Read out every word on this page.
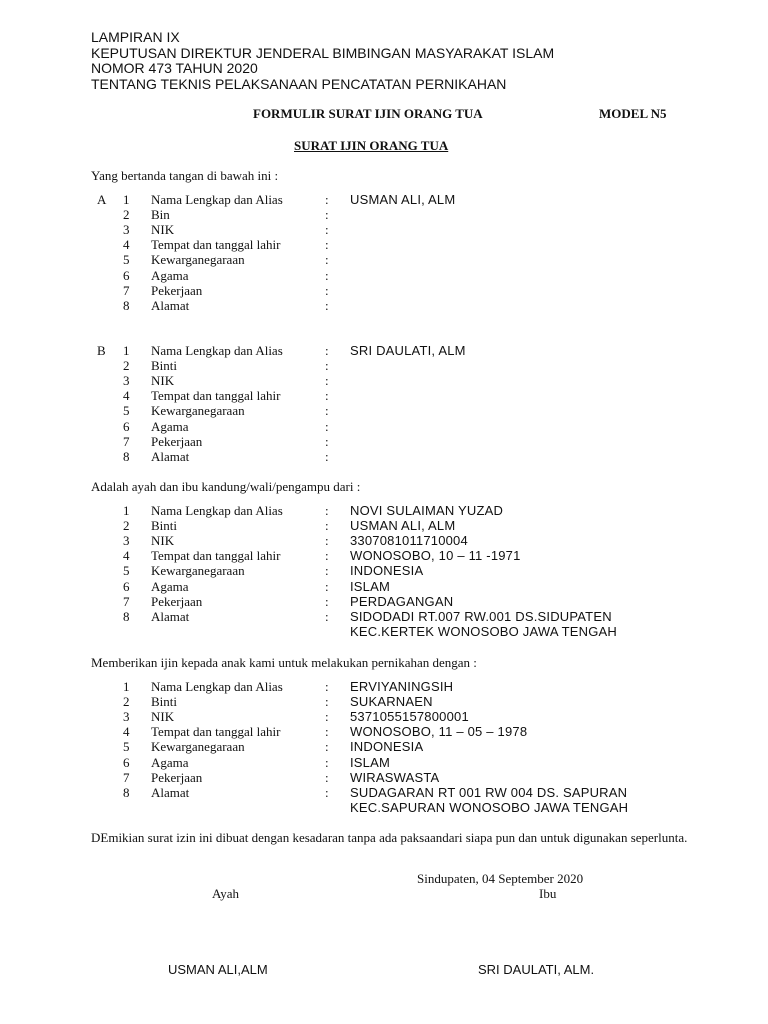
LAMPIRAN IX
KEPUTUSAN DIREKTUR JENDERAL BIMBINGAN MASYARAKAT ISLAM
NOMOR 473 TAHUN 2020
TENTANG TEKNIS PELAKSANAAN PENCATATAN PERNIKAHAN
FORMULIR SURAT IJIN ORANG TUA	MODEL N5
SURAT IJIN ORANG TUA
Yang bertanda tangan di bawah ini :
A 1 Nama Lengkap dan Alias	: USMAN ALI, ALM
2 Bin	:
3 NIK	:
4 Tempat dan tanggal lahir	:
5 Kewarganegaraan	:
6 Agama	:
7 Pekerjaan	:
8 Alamat	:
B 1 Nama Lengkap dan Alias	: SRI DAULATI, ALM
2 Binti	:
3 NIK	:
4 Tempat dan tanggal lahir	:
5 Kewarganegaraan	:
6 Agama	:
7 Pekerjaan	:
8 Alamat	:
Adalah ayah dan ibu kandung/wali/pengampu dari :
1 Nama Lengkap dan Alias	: NOVI SULAIMAN YUZAD
2 Binti	: USMAN ALI, ALM
3 NIK	: 3307081011710004
4 Tempat dan tanggal lahir	: WONOSOBO, 10 – 11 -1971
5 Kewarganegaraan	: INDONESIA
6 Agama	: ISLAM
7 Pekerjaan	: PERDAGANGAN
8 Alamat	: SIDODADI RT.007 RW.001 DS.SIDUPATEN
KEC.KERTEK WONOSOBO JAWA TENGAH
Memberikan ijin kepada anak kami untuk melakukan pernikahan dengan :
1 Nama Lengkap dan Alias	: ERVIYANINGSIH
2 Binti	: SUKARNAEN
3 NIK	: 5371055157800001
4 Tempat dan tanggal lahir	: WONOSOBO, 11 – 05 – 1978
5 Kewarganegaraan	: INDONESIA
6 Agama	: ISLAM
7 Pekerjaan	: WIRASWASTA
8 Alamat	: SUDAGARAN RT 001 RW 004 DS. SAPURAN
KEC.SAPURAN WONOSOBO JAWA TENGAH
DEmikian surat izin ini dibuat dengan kesadaran tanpa ada paksaandari siapa pun dan untuk digunakan seperlunta.
Sindupaten, 04 September 2020
Ayah	Ibu
USMAN ALI,ALM	SRI DAULATI, ALM.
